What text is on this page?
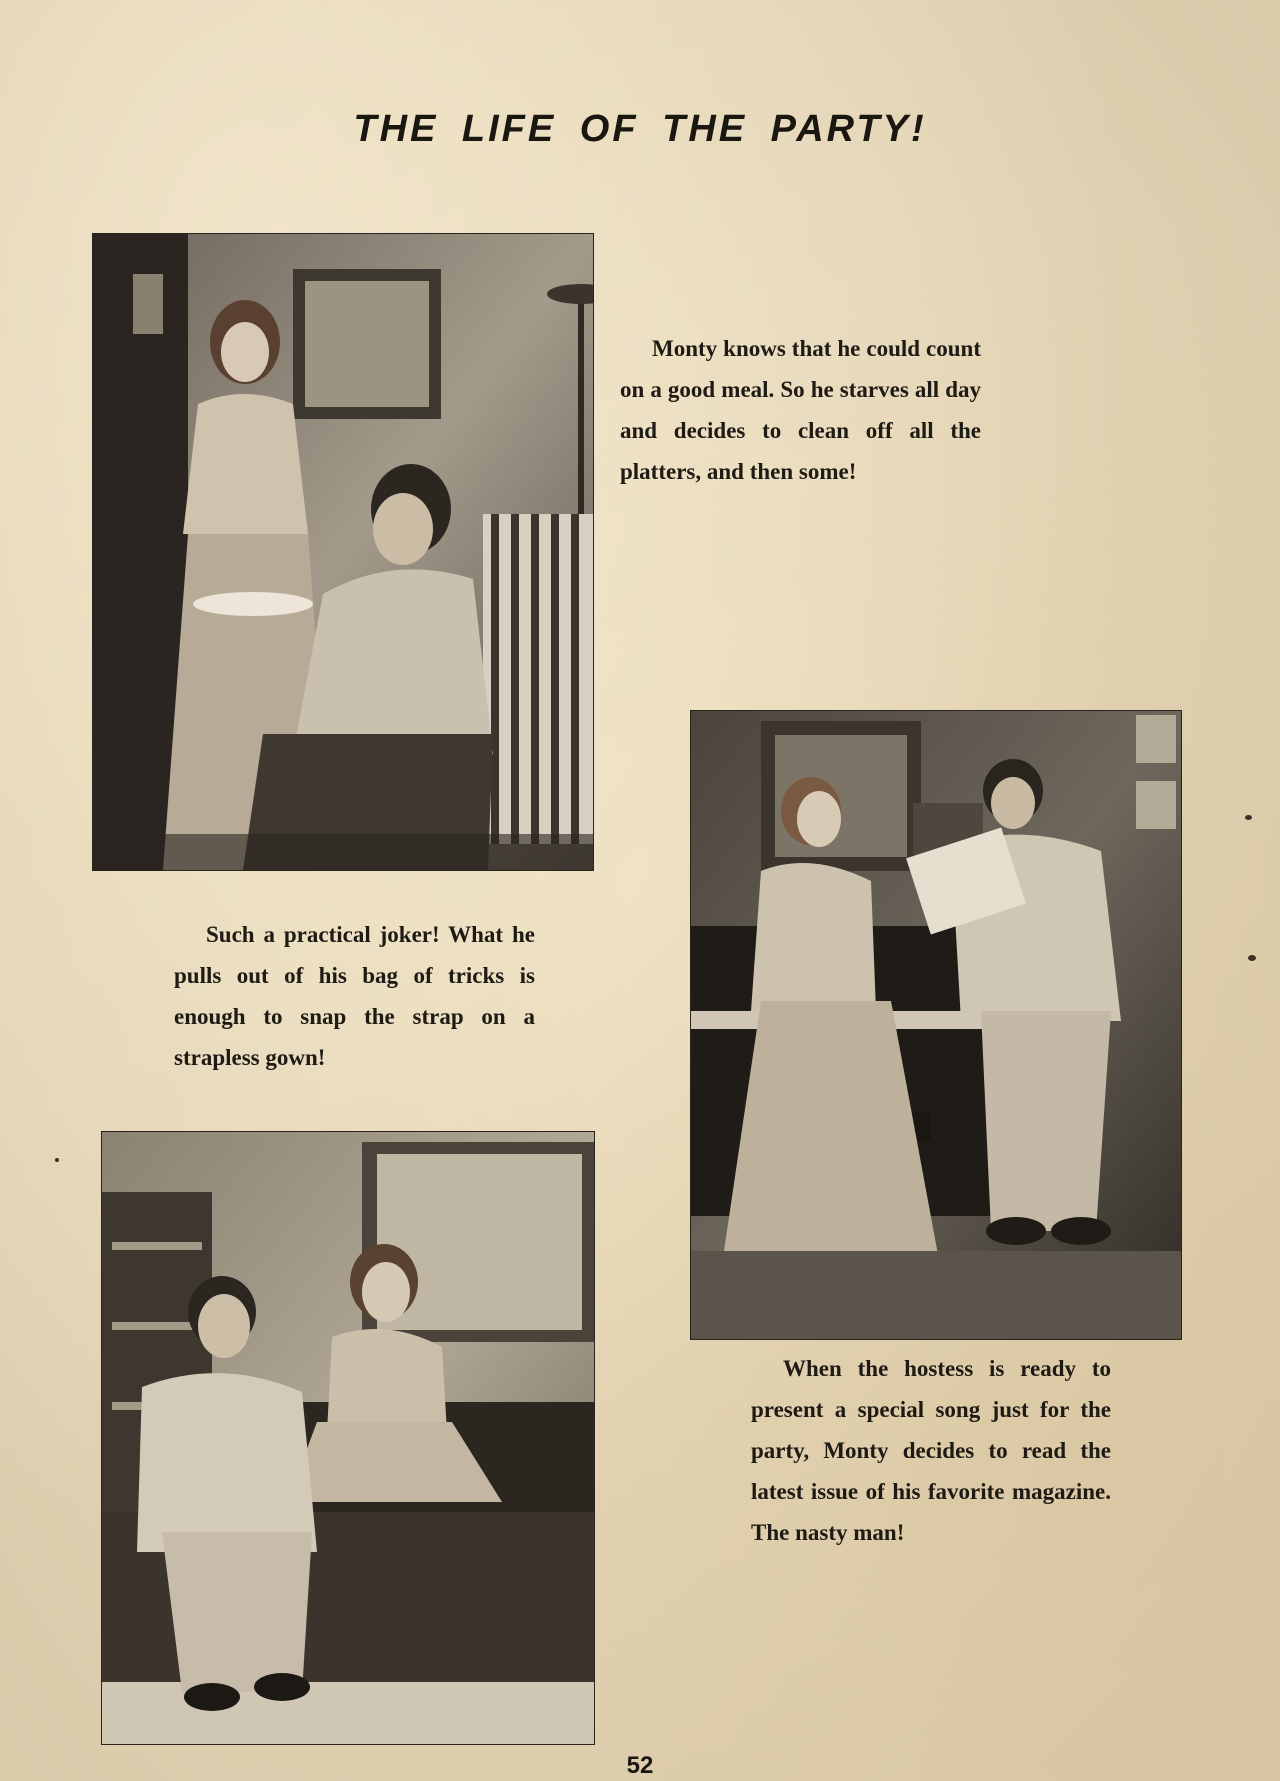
THE LIFE OF THE PARTY!

Monty knows that he could count on a good meal. So he starves all day and decides to clean off all the platters, and then some!

Such a practical joker! What he pulls out of his bag of tricks is enough to snap the strap on a strapless gown!

When the hostess is ready to present a special song just for the party, Monty decides to read the latest issue of his favorite magazine. The nasty man!

52
